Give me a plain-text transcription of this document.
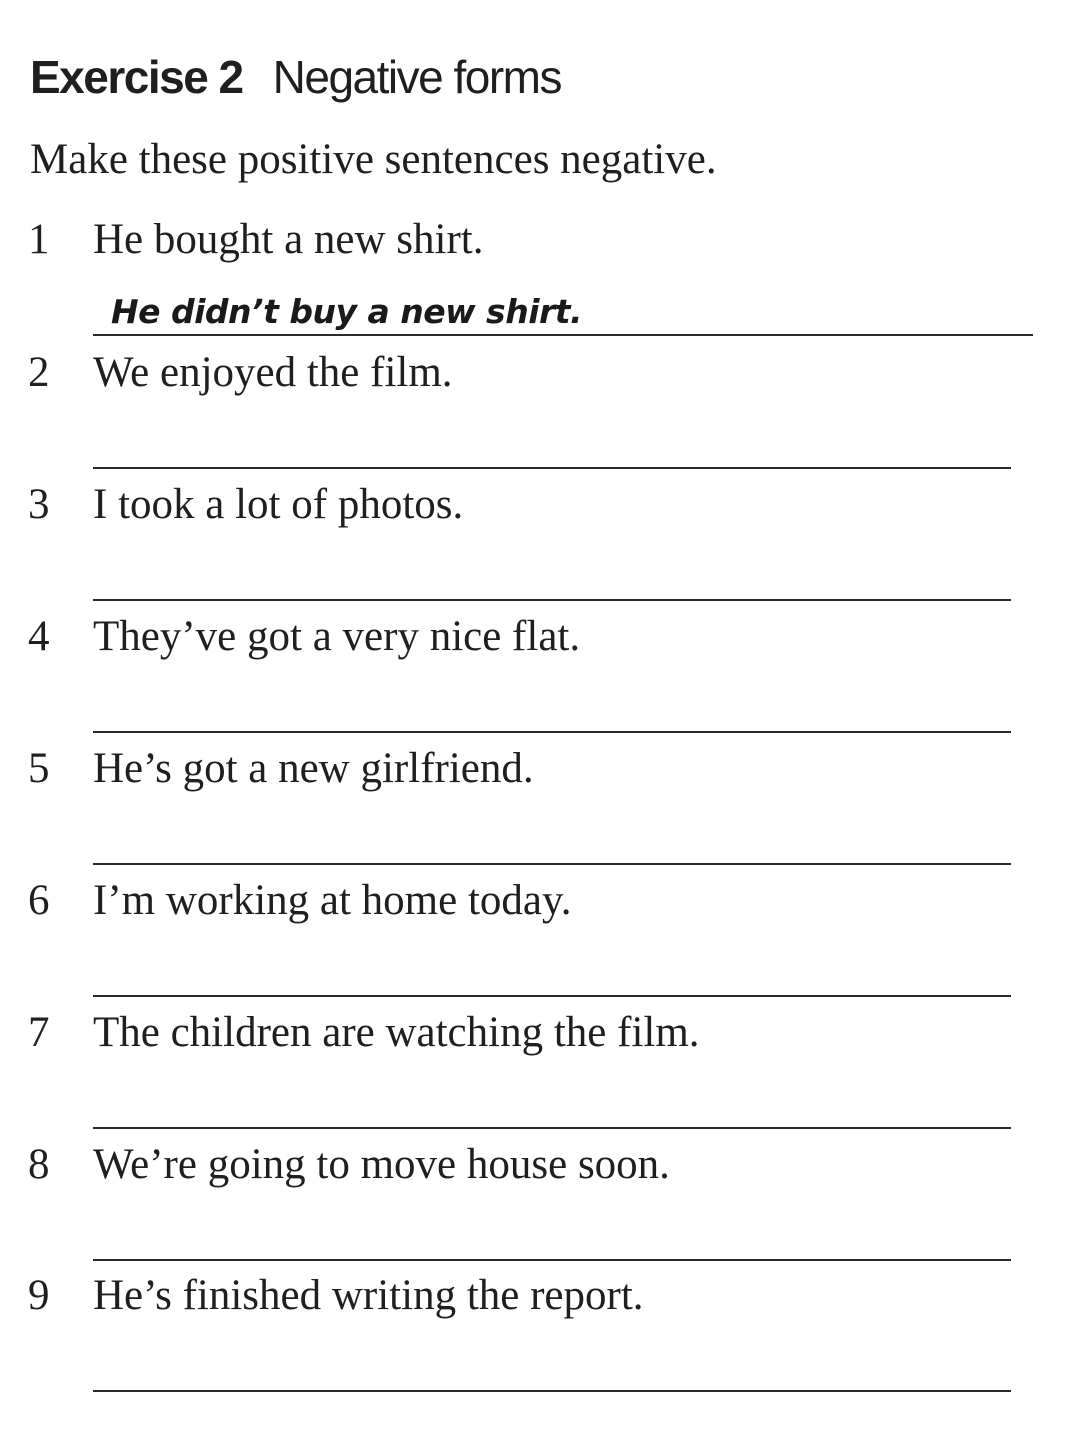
Exercise 2 Negative forms
Make these positive sentences negative.
1	He bought a new shirt.
He didn’t buy a new shirt.
2	We enjoyed the film.
3	I took a lot of photos.
4	They’ve got a very nice flat.
5	He’s got a new girlfriend.
6	I’m working at home today.
7	The children are watching the film.
8	We’re going to move house soon.
9	He’s finished writing the report.
